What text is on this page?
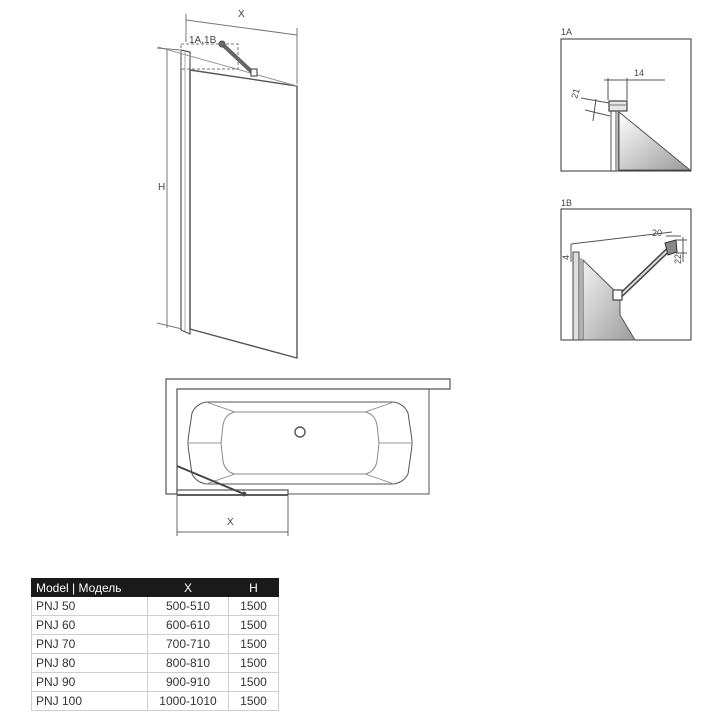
X
H
1A,1B
1A
14
21
1B
20
22
4
X
Model | Модель	X	H
PNJ 50	500-510	1500
PNJ 60	600-610	1500
PNJ 70	700-710	1500
PNJ 80	800-810	1500
PNJ 90	900-910	1500
PNJ 100	1000-1010	1500
